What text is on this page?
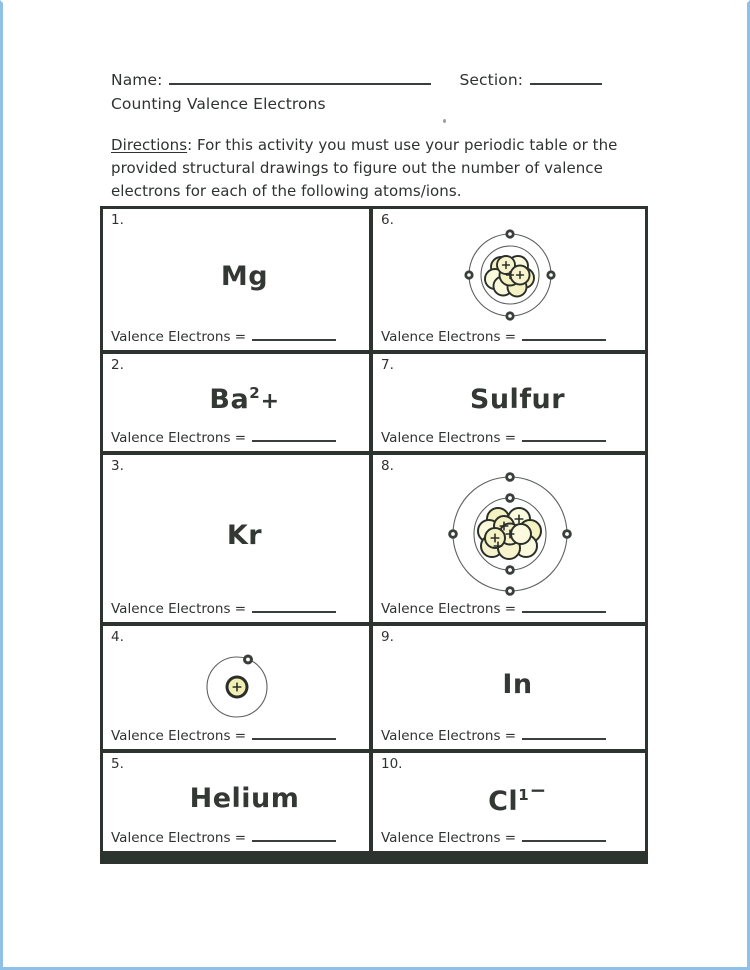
Name:	Section:
Counting Valence Electrons
Directions: For this activity you must use your periodic table or the provided structural drawings to figure out the number of valence electrons for each of the following atoms/ions.
1.
Mg
Valence Electrons =
2.
$Ba^2+$
Valence Electrons =
3.
Kr
Valence Electrons =
4.
Valence Electrons =
5.
Helium
Valence Electrons =
6.
Valence Electrons =
7.
Sulfur
Valence Electrons =
8.
Valence Electrons =
9.
In
Valence Electrons =
10.
$Cl^{1-}$
Valence Electrons =
